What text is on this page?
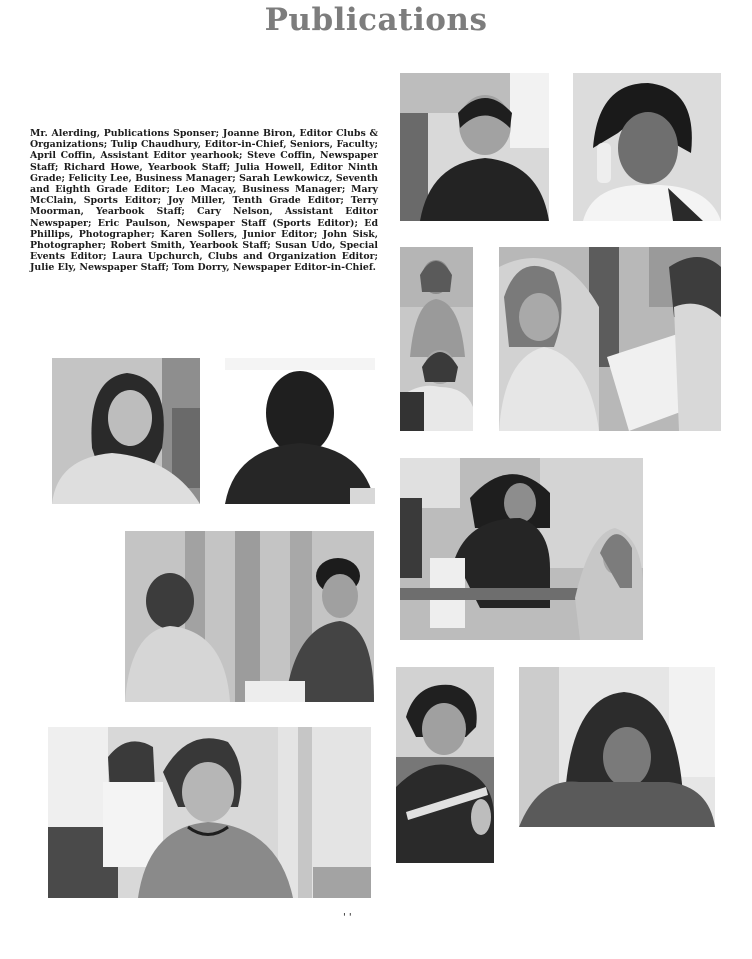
Publications
Mr. Alerding, Publications Sponser; Joanne Biron, Editor Clubs & Organizations; Tulip Chaudhury, Editor-in-Chief, Seniors, Faculty; April Coffin, Assistant Editor yearhook; Steve Coffin, Newspaper Staff; Richard Howe, Yearbook Staff; Julia Howell, Editor Ninth Grade; Felicity Lee, Business Manager; Sarah Lewkowicz, Seventh and Eighth Grade Editor; Leo Macay, Business Manager; Mary McClain, Sports Editor; Joy Miller, Tenth Grade Editor; Terry Moorman, Yearbook Staff; Cary Nelson, Assistant Editor Newspaper; Eric Paulson, Newspaper Staff (Sports Editor); Ed Phillips, Photographer; Karen Sollers, Junior Editor; John Sisk, Photographer; Robert Smith, Yearbook Staff; Susan Udo, Special Events Editor; Laura Upchurch, Clubs and Organization Editor; Julie Ely, Newspaper Staff; Tom Dorry, Newspaper Editor-in-Chief.
' '
